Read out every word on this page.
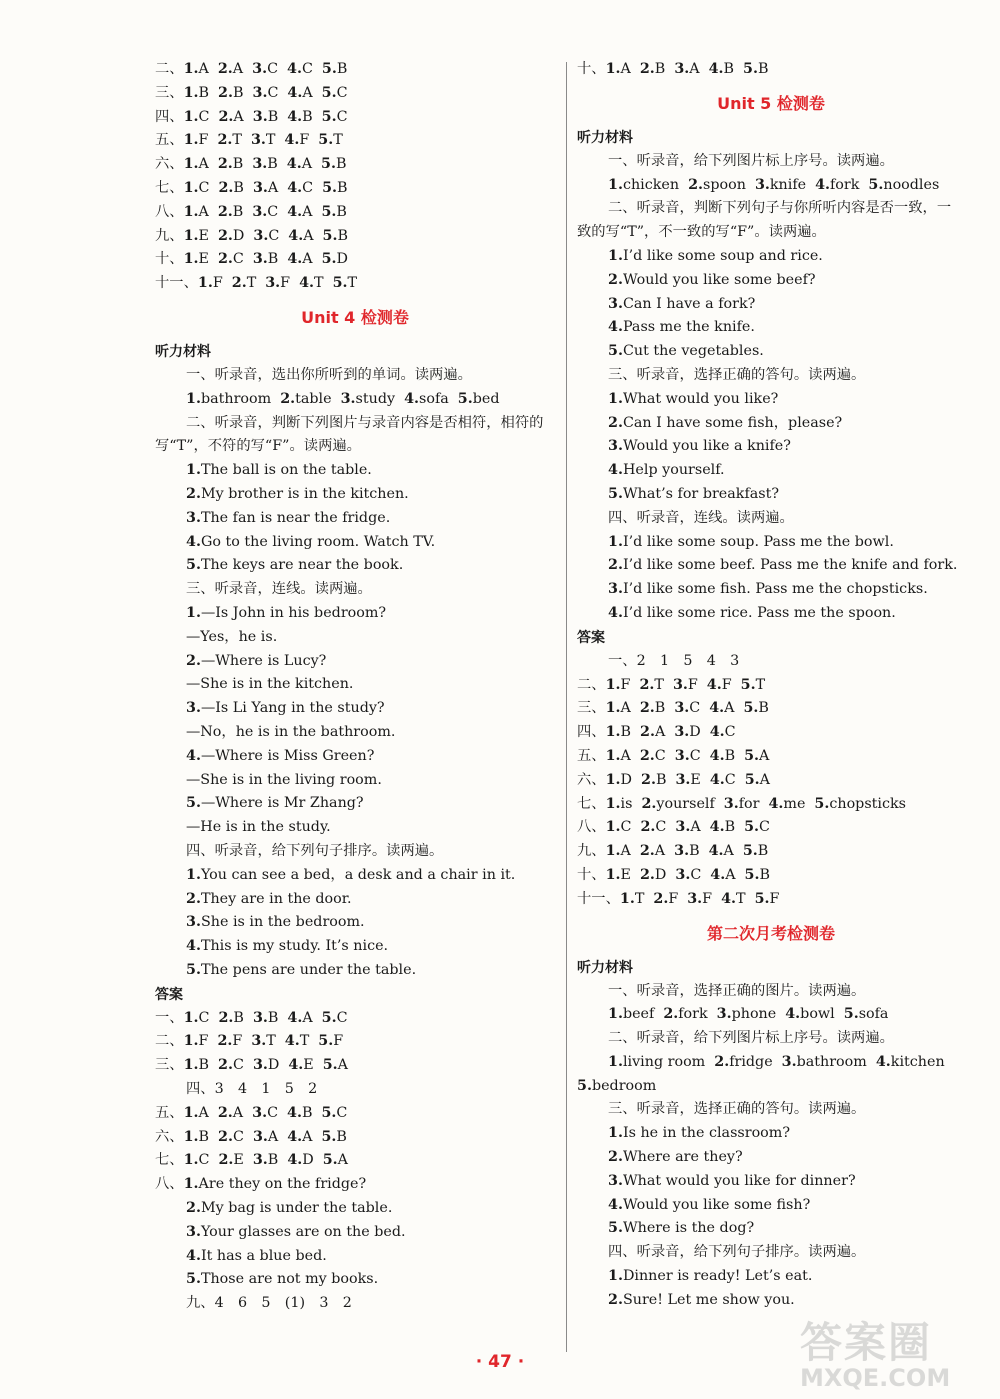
二、1.A 2.A 3.C 4.C 5.B
三、1.B 2.B 3.C 4.A 5.C
四、1.C 2.A 3.B 4.B 5.C
五、1.F 2.T 3.T 4.F 5.T
六、1.A 2.B 3.B 4.A 5.B
七、1.C 2.B 3.A 4.C 5.B
八、1.A 2.B 3.C 4.A 5.B
九、1.E 2.D 3.C 4.A 5.B
十、1.E 2.C 3.B 4.A 5.D
十一、1.F 2.T 3.F 4.T 5.T
Unit 4 检测卷
听力材料
一、听录音，选出你所听到的单词。读两遍。
1.bathroom 2.table 3.study 4.sofa 5.bed
二、听录音，判断下列图片与录音内容是否相符，相符的写“T”，不符的写“F”。读两遍。
1.The ball is on the table.
2.My brother is in the kitchen.
3.The fan is near the fridge.
4.Go to the living room. Watch TV.
5.The keys are near the book.
三、听录音，连线。读两遍。
1.—Is John in his bedroom?
—Yes，he is.
2.—Where is Lucy?
—She is in the kitchen.
3.—Is Li Yang in the study?
—No，he is in the bathroom.
4.—Where is Miss Green?
—She is in the living room.
5.—Where is Mr Zhang?
—He is in the study.
四、听录音，给下列句子排序。读两遍。
1.You can see a bed，a desk and a chair in it.
2.They are in the door.
3.She is in the bedroom.
4.This is my study. It’s nice.
5.The pens are under the table.
答案
一、1.C 2.B 3.B 4.A 5.C
二、1.F 2.F 3.T 4.T 5.F
三、1.B 2.C 3.D 4.E 5.A
四、3　4　1　5　2
五、1.A 2.A 3.C 4.B 5.C
六、1.B 2.C 3.A 4.A 5.B
七、1.C 2.E 3.B 4.D 5.A
八、1.Are they on the fridge?
2.My bag is under the table.
3.Your glasses are on the bed.
4.It has a blue bed.
5.Those are not my books.
九、4　6　5　(1)　3　2
十、1.A 2.B 3.A 4.B 5.B
Unit 5 检测卷
听力材料
一、听录音，给下列图片标上序号。读两遍。
1.chicken 2.spoon 3.knife 4.fork 5.noodles
二、听录音，判断下列句子与你所听内容是否一致，一致的写“T”，不一致的写“F”。读两遍。
1.I’d like some soup and rice.
2.Would you like some beef?
3.Can I have a fork?
4.Pass me the knife.
5.Cut the vegetables.
三、听录音，选择正确的答句。读两遍。
1.What would you like?
2.Can I have some fish，please?
3.Would you like a knife?
4.Help yourself.
5.What’s for breakfast?
四、听录音，连线。读两遍。
1.I’d like some soup. Pass me the bowl.
2.I’d like some beef. Pass me the knife and fork.
3.I’d like some fish. Pass me the chopsticks.
4.I’d like some rice. Pass me the spoon.
答案
一、2　1　5　4　3
二、1.F 2.T 3.F 4.F 5.T
三、1.A 2.B 3.C 4.A 5.B
四、1.B 2.A 3.D 4.C
五、1.A 2.C 3.C 4.B 5.A
六、1.D 2.B 3.E 4.C 5.A
七、1.is 2.yourself 3.for 4.me 5.chopsticks
八、1.C 2.C 3.A 4.B 5.C
九、1.A 2.A 3.B 4.A 5.B
十、1.E 2.D 3.C 4.A 5.B
十一、1.T 2.F 3.F 4.T 5.F
第二次月考检测卷
听力材料
一、听录音，选择正确的图片。读两遍。
1.beef 2.fork 3.phone 4.bowl 5.sofa
二、听录音，给下列图片标上序号。读两遍。
1.living room 2.fridge 3.bathroom 4.kitchen
5.bedroom
三、听录音，选择正确的答句。读两遍。
1.Is he in the classroom?
2.Where are they?
3.What would you like for dinner?
4.Would you like some fish?
5.Where is the dog?
四、听录音，给下列句子排序。读两遍。
1.Dinner is ready! Let’s eat.
2.Sure! Let me show you.
· 47 ·	答案圈
MXQE.COM
